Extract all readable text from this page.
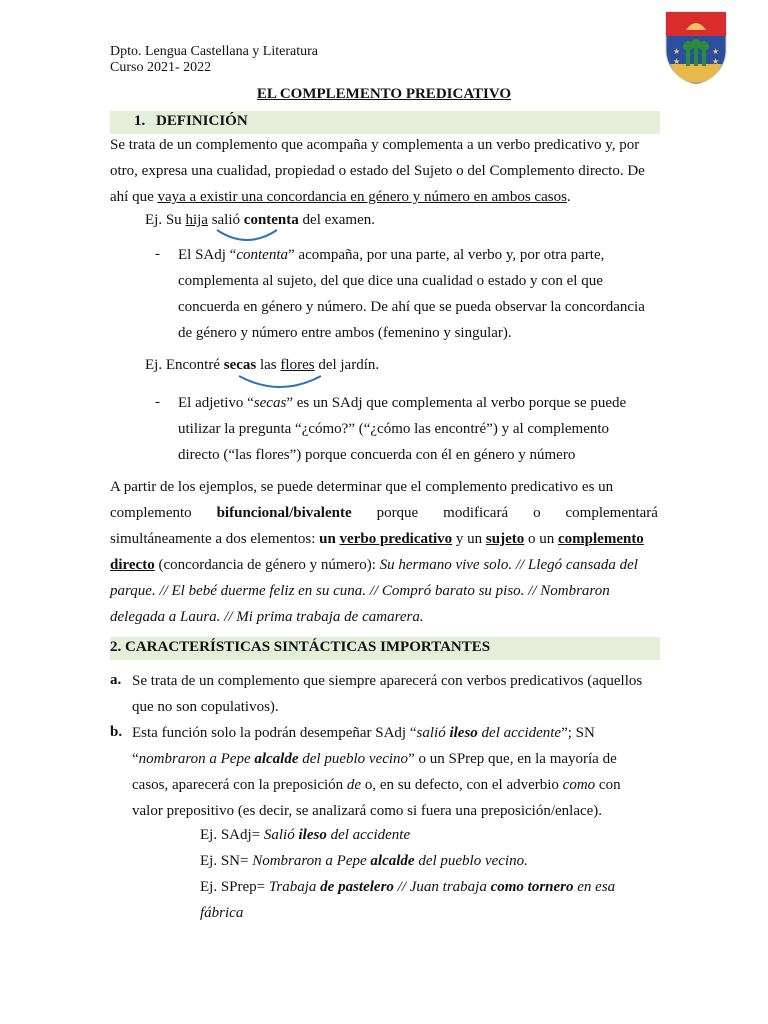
★	★
★	★
Dpto. Lengua Castellana y Literatura
Curso 2021- 2022
EL COMPLEMENTO PREDICATIVO
1. DEFINICIÓN
Se trata de un complemento que acompaña y complementa a un verbo predicativo y, por
otro, expresa una cualidad, propiedad o estado del Sujeto o del Complemento directo. De
ahí que vaya a existir una concordancia en género y número en ambos casos.
Ej. Su hija salió contenta del examen.
- El SAdj “contenta” acompaña, por una parte, al verbo y, por otra parte,
complementa al sujeto, del que dice una cualidad o estado y con el que
concuerda en género y número. De ahí que se pueda observar la concordancia
de género y número entre ambos (femenino y singular).
Ej. Encontré secas las flores del jardín.
- El adjetivo “secas” es un SAdj que complementa al verbo porque se puede
utilizar la pregunta “¿cómo?” (“¿cómo las encontré”) y al complemento
directo (“las flores”) porque concuerda con él en género y número
A partir de los ejemplos, se puede determinar que el complemento predicativo es un
complemento bifuncional/bivalente porque modificará o complementará
simultáneamente a dos elementos: un verbo predicativo y un sujeto o un complemento
directo (concordancia de género y número): Su hermano vive solo. // Llegó cansada del
parque. // El bebé duerme feliz en su cuna. // Compró barato su piso. // Nombraron
delegada a Laura. // Mi prima trabaja de camarera.
2. CARACTERÍSTICAS SINTÁCTICAS IMPORTANTES
a. Se trata de un complemento que siempre aparecerá con verbos predicativos (aquellos
que no son copulativos).
b. Esta función solo la podrán desempeñar SAdj “salió ileso del accidente”; SN
“nombraron a Pepe alcalde del pueblo vecino” o un SPrep que, en la mayoría de
casos, aparecerá con la preposición de o, en su defecto, con el adverbio como con
valor prepositivo (es decir, se analizará como si fuera una preposición/enlace).
Ej. SAdj= Salió ileso del accidente
Ej. SN= Nombraron a Pepe alcalde del pueblo vecino.
Ej. SPrep= Trabaja de pastelero // Juan trabaja como tornero en esa
fábrica
